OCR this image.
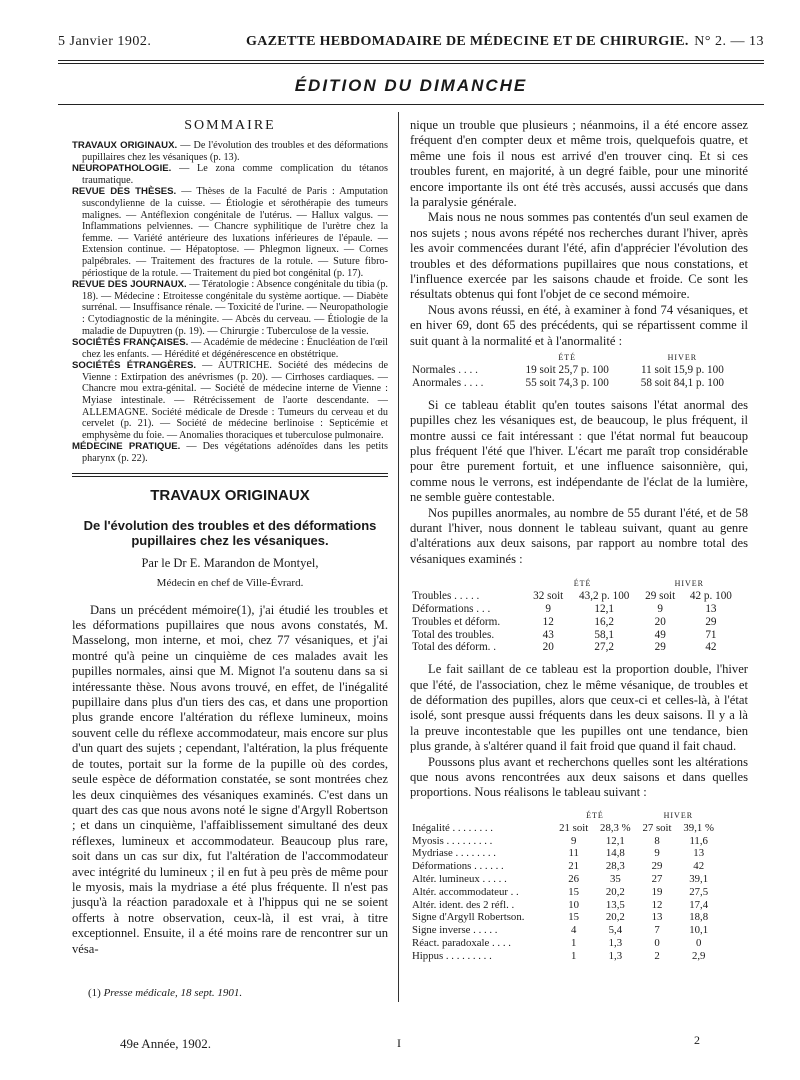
5 Janvier 1902.	GAZETTE HEBDOMADAIRE DE MÉDECINE ET DE CHIRURGIE. N° 2. — 13
ÉDITION DU DIMANCHE
SOMMAIRE

TRAVAUX ORIGINAUX. — De l'évolution des troubles et des déformations pupillaires chez les vésaniques (p. 13).

NEUROPATHOLOGIE. — Le zona comme complication du tétanos traumatique.

REVUE DES THÈSES. — Thèses de la Faculté de Paris : Amputation suscondylienne de la cuisse. — Étiologie et sérothérapie des tumeurs malignes. — Antéflexion congénitale de l'utérus. — Hallux valgus. — Inflammations pelviennes. — Chancre syphilitique de l'urètre chez la femme. — Variété antérieure des luxations inférieures de l'épaule. — Extension continue. — Hépatoptose. — Phlegmon ligneux. — Cornes palpébrales. — Traitement des fractures de la rotule. — Suture fibro-périostique de la rotule. — Traitement du pied bot congénital (p. 17).

REVUE DES JOURNAUX. — Tératologie : Absence congénitale du tibia (p. 18). — Médecine : Etroitesse congénitale du système aortique. — Diabète surrénal. — Insuffisance rénale. — Toxicité de l'urine. — Neuropathologie : Cytodiagnostic de la méningite. — Abcès du cerveau. — Étiologie de la maladie de Dupuytren (p. 19). — Chirurgie : Tuberculose de la vessie.

SOCIÉTÉS FRANÇAISES. — Académie de médecine : Énucléation de l'œil chez les enfants. — Hérédité et dégénérescence en obstétrique.

SOCIÉTÉS ÉTRANGÈRES. — AUTRICHE. Société des médecins de Vienne : Extirpation des anévrismes (p. 20). — Cirrhoses cardiaques. — Chancre mou extra-génital. — Société de médecine interne de Vienne : Myiase intestinale. — Rétrécissement de l'aorte descendante. — ALLEMAGNE. Société médicale de Dresde : Tumeurs du cerveau et du cervelet (p. 21). — Société de médecine berlinoise : Septicémie et emphysème du foie. — Anomalies thoraciques et tuberculose pulmonaire.

MÉDECINE PRATIQUE. — Des végétations adénoïdes dans les petits pharynx (p. 22).

TRAVAUX ORIGINAUX
De l'évolution des troubles et des déformations pupillaires chez les vésaniques.
Par le Dr E. Marandon de Montyel,
Médecin en chef de Ville-Évrard.

Dans un précédent mémoire(1), j'ai étudié les troubles et les déformations pupillaires que nous avons constatés, M. Masselong, mon interne, et moi, chez 77 vésaniques, et j'ai montré qu'à peine un cinquième de ces malades avait les pupilles normales, ainsi que M. Mignot l'a soutenu dans sa si intéressante thèse. Nous avons trouvé, en effet, de l'inégalité pupillaire dans plus d'un tiers des cas, et dans une proportion plus grande encore l'altération du réflexe lumineux, moins souvent celle du réflexe accommodateur, mais encore sur plus d'un quart des sujets ; cependant, l'altération, la plus fréquente de toutes, portait sur la forme de la pupille où des cordes, seule espèce de déformation constatée, se sont montrées chez les deux cinquièmes des vésaniques examinés. C'est dans un quart des cas que nous avons noté le signe d'Argyll Robertson ; et dans un cinquième, l'affaiblissement simultané des deux réflexes, lumineux et accommodateur. Beaucoup plus rare, soit dans un cas sur dix, fut l'altération de l'accommodateur avec intégrité du lumineux ; il en fut à peu près de même pour le myosis, mais la mydriase a été plus fréquente. Il n'est pas jusqu'à la réaction paradoxale et à l'hippus qui ne se soient offerts à notre observation, ceux-là, il est vrai, à titre exceptionnel. Ensuite, il a été moins rare de rencontrer sur un vésa-

(1) Presse médicale, 18 sept. 1901.

nique un trouble que plusieurs ; néanmoins, il a été encore assez fréquent d'en compter deux et même trois, quelquefois quatre, et même une fois il nous est arrivé d'en trouver cinq. Et si ces troubles furent, en majorité, à un degré faible, pour une minorité encore importante ils ont été très accusés, aussi accusés que dans la paralysie générale.

Mais nous ne nous sommes pas contentés d'un seul examen de nos sujets ; nous avons répété nos recherches durant l'hiver, après les avoir commencées durant l'été, afin d'apprécier l'évolution des troubles et des déformations pupillaires que nous constations, et l'influence exercée par les saisons chaude et froide. Ce sont les résultats obtenus qui font l'objet de ce second mémoire.

Nous avons réussi, en été, à examiner à fond 74 vésaniques, et en hiver 69, dont 65 des précédents, qui se répartissent comme il suit quant à la normalité et à l'anormalité :

	ÉTÉ	HIVER
Normales . . . .	19 soit 25,7 p. 100	11 soit 15,9 p. 100
Anormales . . . .	55 soit 74,3 p. 100	58 soit 84,1 p. 100

Si ce tableau établit qu'en toutes saisons l'état anormal des pupilles chez les vésaniques est, de beaucoup, le plus fréquent, il montre aussi ce fait intéressant : que l'état normal fut beaucoup plus fréquent l'été que l'hiver. L'écart me paraît trop considérable pour être purement fortuit, et une influence saisonnière, qui, comme nous le verrons, est indépendante de l'éclat de la lumière, ne semble guère contestable.

Nos pupilles anormales, au nombre de 55 durant l'été, et de 58 durant l'hiver, nous donnent le tableau suivant, quant au genre d'altérations aux deux saisons, par rapport au nombre total des vésaniques examinés :

	ÉTÉ		HIVER	
Troubles . . . . .	32 soit	43,2 p. 100	29 soit	42 p. 100
Déformations . . .	9	12,1	9	13
Troubles et déform.	12	16,2	20	29
Total des troubles.	43	58,1	49	71
Total des déform. .	20	27,2	29	42

Le fait saillant de ce tableau est la proportion double, l'hiver que l'été, de l'association, chez le même vésanique, de troubles et de déformation des pupilles, alors que ceux-ci et celles-là, à l'état isolé, sont presque aussi fréquents dans les deux saisons. Il y a là la preuve incontestable que les pupilles ont une tendance, bien plus grande, à s'altérer quand il fait froid que quand il fait chaud.

Poussons plus avant et recherchons quelles sont les altérations que nous avons rencontrées aux deux saisons et dans quelles proportions. Nous réalisons le tableau suivant :

	ÉTÉ		HIVER	
Inégalité . . . . . . . .	21 soit	28,3 %	27 soit	39,1 %
Myosis . . . . . . . . .	9	12,1	8	11,6
Mydriase . . . . . . . .	11	14,8	9	13
Déformations . . . . . .	21	28,3	29	42
Altér. lumineux . . . . .	26	35	27	39,1
Altér. accommodateur . .	15	20,2	19	27,5
Altér. ident. des 2 réfl. .	10	13,5	12	17,4
Signe d'Argyll Robertson.	15	20,2	13	18,8
Signe inverse . . . . .	4	5,4	7	10,1
Réact. paradoxale . . . .	1	1,3	0	0
Hippus . . . . . . . . .	1	1,3	2	2,9
49e Année, 1902.	I	2
